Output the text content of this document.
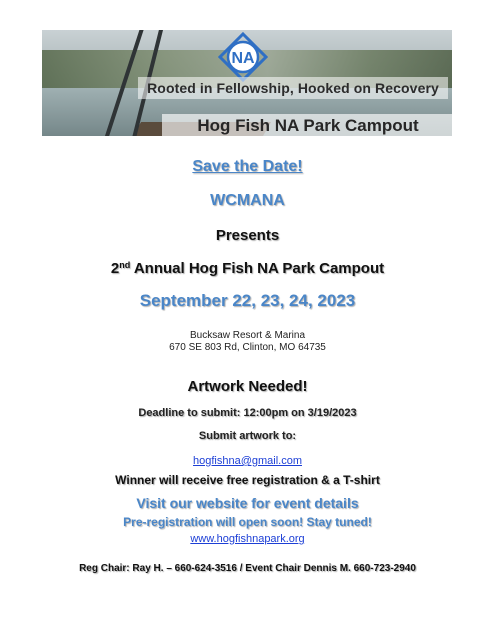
NA
Rooted in Fellowship, Hooked on Recovery
Hog Fish NA Park Campout
Save the Date!
WCMANA
Presents
2nd Annual Hog Fish NA Park Campout
September 22, 23, 24, 2023
Bucksaw Resort & Marina
670 SE 803 Rd, Clinton, MO 64735
Artwork Needed!
Deadline to submit: 12:00pm on 3/19/2023
Submit artwork to:
hogfishna@gmail.com
Winner will receive free registration & a T-shirt
Visit our website for event details
Pre-registration will open soon! Stay tuned!
www.hogfishnapark.org
Reg Chair: Ray H. – 660-624-3516 / Event Chair Dennis M. 660-723-2940
